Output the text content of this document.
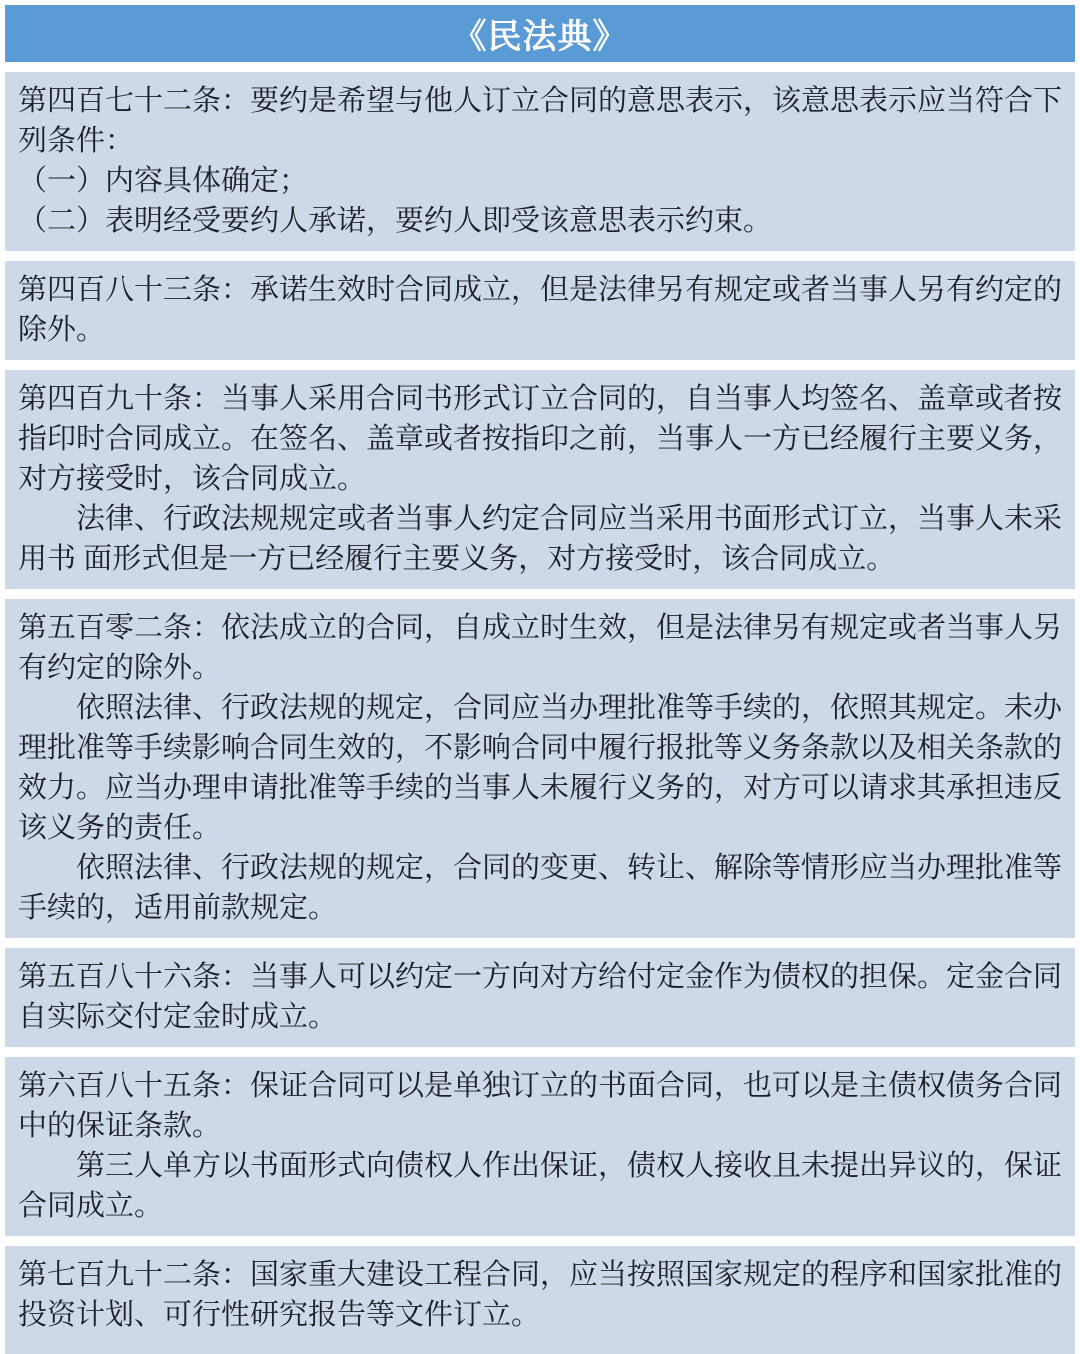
《民法典》

第四百七十二条：要约是希望与他人订立合同的意思表示，该意思表示应当符合下列条件：

（一）内容具体确定；

（二）表明经受要约人承诺，要约人即受该意思表示约束。

第四百八十三条：承诺生效时合同成立，但是法律另有规定或者当事人另有约定的除外。

第四百九十条：当事人采用合同书形式订立合同的，自当事人均签名、盖章或者按指印时合同成立。在签名、盖章或者按指印之前，当事人一方已经履行主要义务，对方接受时，该合同成立。

法律、行政法规规定或者当事人约定合同应当采用书面形式订立，当事人未采用书 面形式但是一方已经履行主要义务，对方接受时，该合同成立。

第五百零二条：依法成立的合同，自成立时生效，但是法律另有规定或者当事人另有约定的除外。

依照法律、行政法规的规定，合同应当办理批准等手续的，依照其规定。未办理批准等手续影响合同生效的，不影响合同中履行报批等义务条款以及相关条款的效力。应当办理申请批准等手续的当事人未履行义务的，对方可以请求其承担违反该义务的责任。

依照法律、行政法规的规定，合同的变更、转让、解除等情形应当办理批准等手续的，适用前款规定。

第五百八十六条：当事人可以约定一方向对方给付定金作为债权的担保。定金合同自实际交付定金时成立。

第六百八十五条：保证合同可以是单独订立的书面合同，也可以是主债权债务合同中的保证条款。

第三人单方以书面形式向债权人作出保证，债权人接收且未提出异议的，保证合同成立。

第七百九十二条：国家重大建设工程合同，应当按照国家规定的程序和国家批准的投资计划、可行性研究报告等文件订立。
